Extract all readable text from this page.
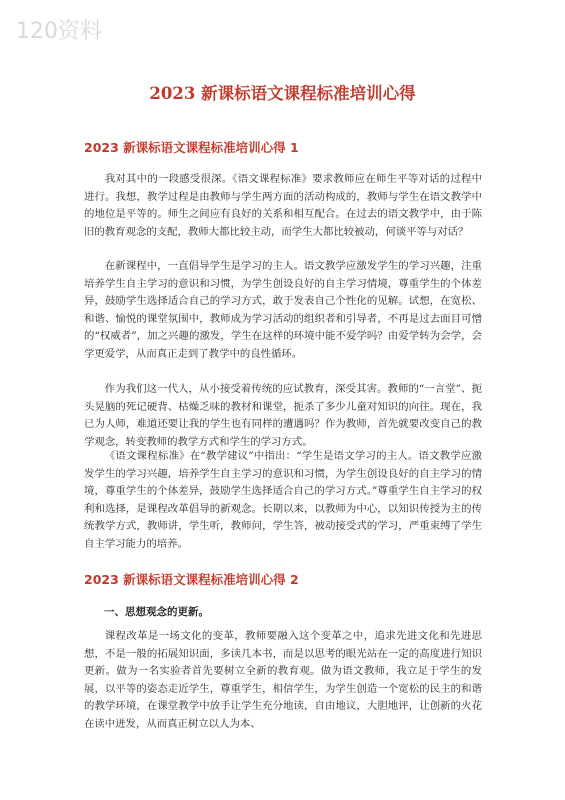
120资料
2023 新课标语文课程标准培训心得
2023 新课标语文课程标准培训心得 1

我对其中的一段感受很深。《语文课程标准》要求教师应在师生平等对话的过程中进行。我想，教学过程是由教师与学生两方面的活动构成的，教师与学生在语文教学中的地位是平等的。师生之间应有良好的关系和相互配合。在过去的语文教学中，由于陈旧的教育观念的支配，教师大都比较主动，而学生大都比较被动，何谈平等与对话？

在新课程中，一直倡导学生是学习的主人。语文教学应激发学生的学习兴趣，注重培养学生自主学习的意识和习惯，为学生创设良好的自主学习情境，尊重学生的个体差异，鼓励学生选择适合自己的学习方式，敢于发表自己个性化的见解。试想，在宽松、和谐、愉悦的课堂氛围中，教师成为学习活动的组织者和引导者，不再是过去面目可憎的“权威者”，加之兴趣的激发，学生在这样的环境中能不爱学吗？由爱学转为会学，会学更爱学，从而真正走到了教学中的良性循环。

作为我们这一代人，从小接受着传统的应试教育，深受其害。教师的“一言堂”、扼头晃脑的死记硬背、枯燥乏味的教材和课堂，扼杀了多少儿童对知识的向往。现在，我已为人师，难道还要让我的学生也有同样的遭遇吗？作为教师，首先就要改变自己的教学观念，转变教师的教学方式和学生的学习方式。

《语文课程标准》在“教学建议”中指出：“学生是语文学习的主人。语文教学应激发学生的学习兴趣，培养学生自主学习的意识和习惯，为学生创设良好的自主学习的情境，尊重学生的个体差异，鼓励学生选择适合自己的学习方式。”尊重学生自主学习的权利和选择，是课程改革倡导的新观念。长期以来，以教师为中心，以知识传授为主的传统教学方式，教师讲，学生听，教师问，学生答，被动接受式的学习，严重束缚了学生自主学习能力的培养。

2023 新课标语文课程标准培训心得 2
一、思想观念的更新。

课程改革是一场文化的变革，教师要融入这个变革之中，追求先进文化和先进思想，不是一般的拓展知识面，多读几本书，而是以思考的眼光站在一定的高度进行知识更新。做为一名实验者首先要树立全新的教育观。做为语文教师，我立足于学生的发展，以平等的姿态走近学生，尊重学生，相信学生，为学生创造一个宽松的民主的和谐的教学环境，在课堂教学中放手让学生充分地读，自由地议，大胆地评，让创新的火花在读中迸发，从而真正树立以人为本、
